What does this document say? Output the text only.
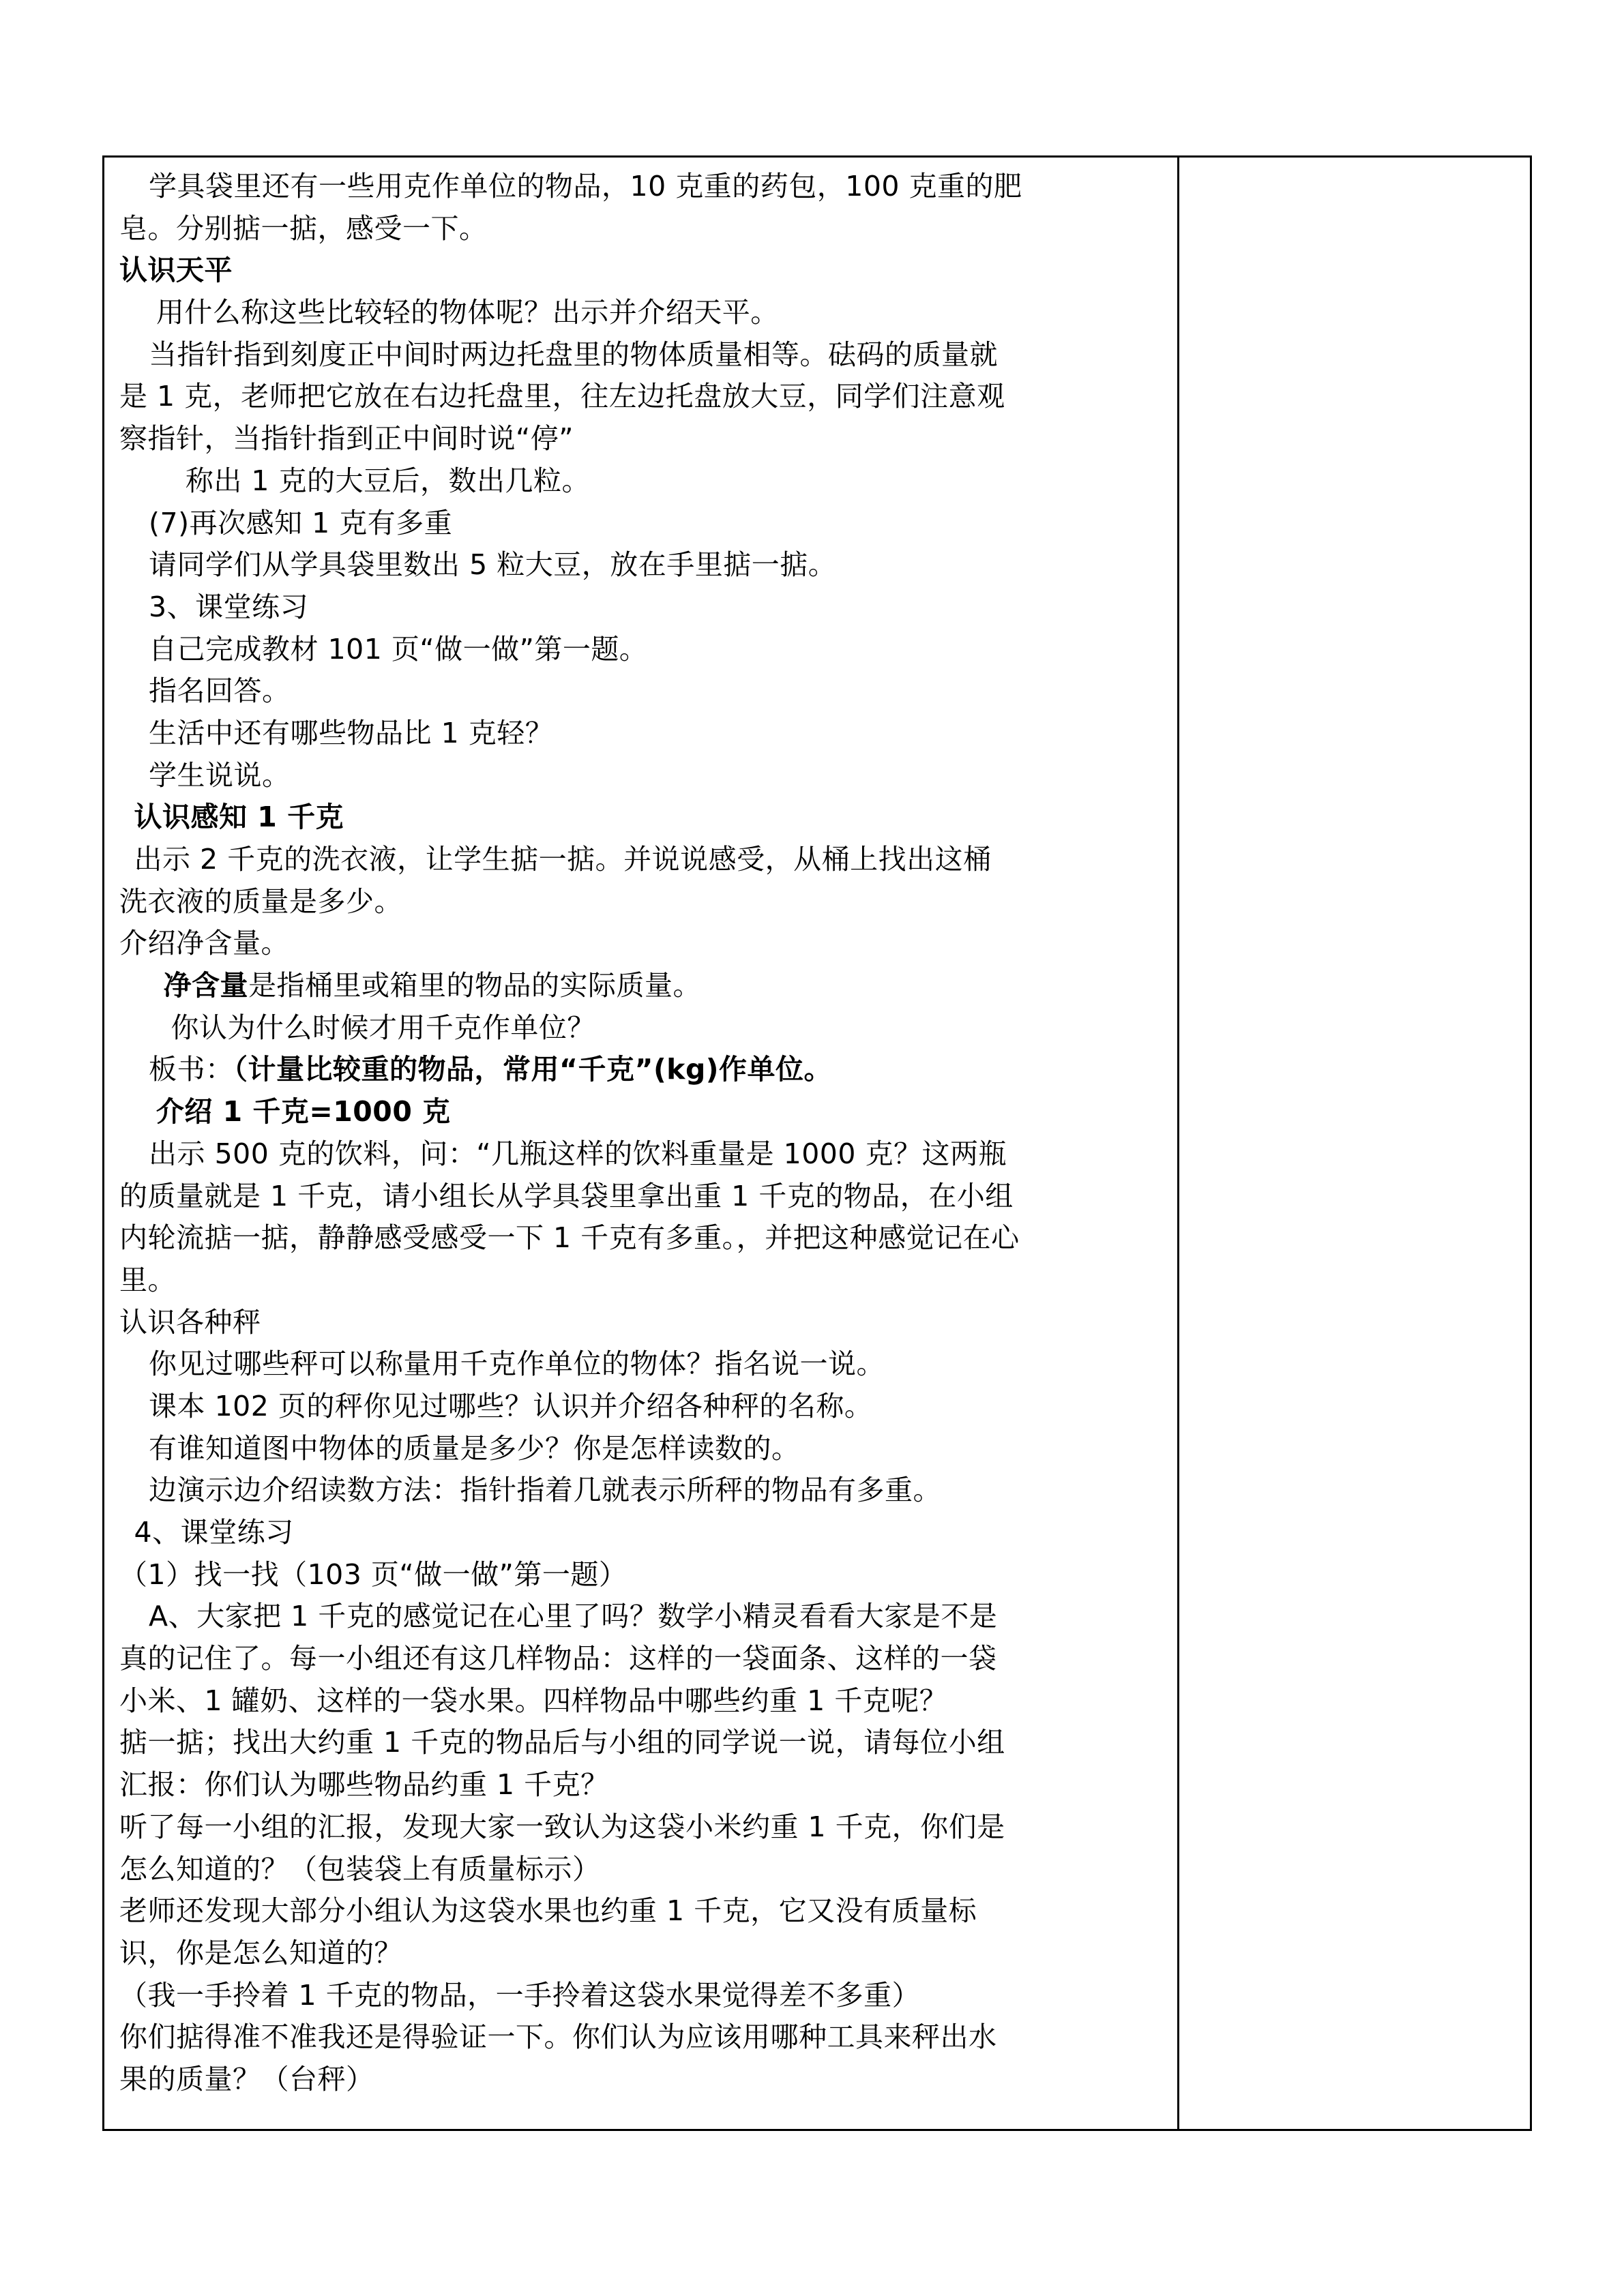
学具袋里还有一些用克作单位的物品，10 克重的药包，100 克重的肥
皂。分别掂一掂，感受一下。
认识天平
用什么称这些比较轻的物体呢？出示并介绍天平。
当指针指到刻度正中间时两边托盘里的物体质量相等。砝码的质量就
是 1 克，老师把它放在右边托盘里，往左边托盘放大豆，同学们注意观
察指针，当指针指到正中间时说“停”
称出 1 克的大豆后，数出几粒。
(7)再次感知 1 克有多重
请同学们从学具袋里数出 5 粒大豆，放在手里掂一掂。
3、课堂练习
自己完成教材 101 页“做一做”第一题。
指名回答。
生活中还有哪些物品比 1 克轻？
学生说说。
认识感知 1 千克
出示 2 千克的洗衣液，让学生掂一掂。并说说感受，从桶上找出这桶
洗衣液的质量是多少。
介绍净含量。
净含量是指桶里或箱里的物品的实际质量。
你认为什么时候才用千克作单位？
板书：（计量比较重的物品，常用“千克”(kg)作单位。
介绍 1 千克=1000 克
出示 500 克的饮料，问：“几瓶这样的饮料重量是 1000 克？这两瓶
的质量就是 1 千克，请小组长从学具袋里拿出重 1 千克的物品，在小组
内轮流掂一掂，静静感受感受一下 1 千克有多重。，并把这种感觉记在心
里。
认识各种秤
你见过哪些秤可以称量用千克作单位的物体？指名说一说。
课本 102 页的秤你见过哪些？认识并介绍各种秤的名称。
有谁知道图中物体的质量是多少？你是怎样读数的。
边演示边介绍读数方法：指针指着几就表示所秤的物品有多重。
4、课堂练习
（1）找一找（103 页“做一做”第一题）
A、大家把 1 千克的感觉记在心里了吗？数学小精灵看看大家是不是
真的记住了。每一小组还有这几样物品：这样的一袋面条、这样的一袋
小米、1 罐奶、这样的一袋水果。四样物品中哪些约重 1 千克呢？
掂一掂；找出大约重 1 千克的物品后与小组的同学说一说，请每位小组
汇报：你们认为哪些物品约重 1 千克？
听了每一小组的汇报，发现大家一致认为这袋小米约重 1 千克，你们是
怎么知道的？（包装袋上有质量标示）
老师还发现大部分小组认为这袋水果也约重 1 千克，它又没有质量标
识，你是怎么知道的？
（我一手拎着 1 千克的物品，一手拎着这袋水果觉得差不多重）
你们掂得准不准我还是得验证一下。你们认为应该用哪种工具来秤出水
果的质量？（台秤）
